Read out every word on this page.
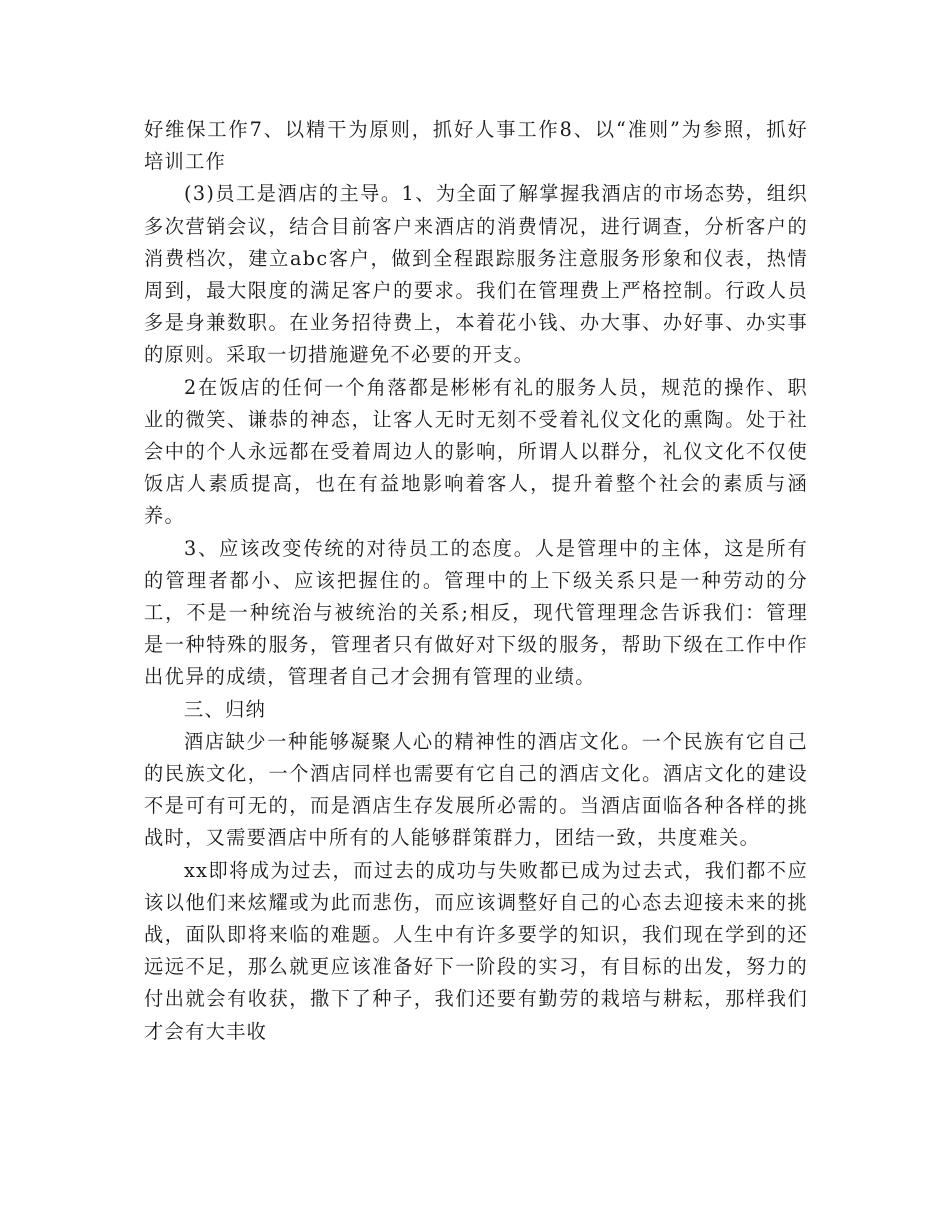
好维保工作7、以精干为原则，抓好人事工作8、以“准则”为参照，抓好培训工作

(3)员工是酒店的主导。1、为全面了解掌握我酒店的市场态势，组织多次营销会议，结合目前客户来酒店的消费情况，进行调查，分析客户的消费档次，建立abc客户，做到全程跟踪服务注意服务形象和仪表，热情周到，最大限度的满足客户的要求。我们在管理费上严格控制。行政人员多是身兼数职。在业务招待费上，本着花小钱、办大事、办好事、办实事的原则。采取一切措施避免不必要的开支。

2在饭店的任何一个角落都是彬彬有礼的服务人员，规范的操作、职业的微笑、谦恭的神态，让客人无时无刻不受着礼仪文化的熏陶。处于社会中的个人永远都在受着周边人的影响，所谓人以群分，礼仪文化不仅使饭店人素质提高，也在有益地影响着客人，提升着整个社会的素质与涵养。

3、应该改变传统的对待员工的态度。人是管理中的主体，这是所有的管理者都小、应该把握住的。管理中的上下级关系只是一种劳动的分工，不是一种统治与被统治的关系;相反，现代管理理念告诉我们：管理是一种特殊的服务，管理者只有做好对下级的服务，帮助下级在工作中作出优异的成绩，管理者自己才会拥有管理的业绩。

三、归纳

酒店缺少一种能够凝聚人心的精神性的酒店文化。一个民族有它自己的民族文化，一个酒店同样也需要有它自己的酒店文化。酒店文化的建设不是可有可无的，而是酒店生存发展所必需的。当酒店面临各种各样的挑战时，又需要酒店中所有的人能够群策群力，团结一致，共度难关。

xx即将成为过去，而过去的成功与失败都已成为过去式，我们都不应该以他们来炫耀或为此而悲伤，而应该调整好自己的心态去迎接未来的挑战，面队即将来临的难题。人生中有许多要学的知识，我们现在学到的还远远不足，那么就更应该准备好下一阶段的实习，有目标的出发，努力的付出就会有收获，撒下了种子，我们还要有勤劳的栽培与耕耘，那样我们才会有大丰收
